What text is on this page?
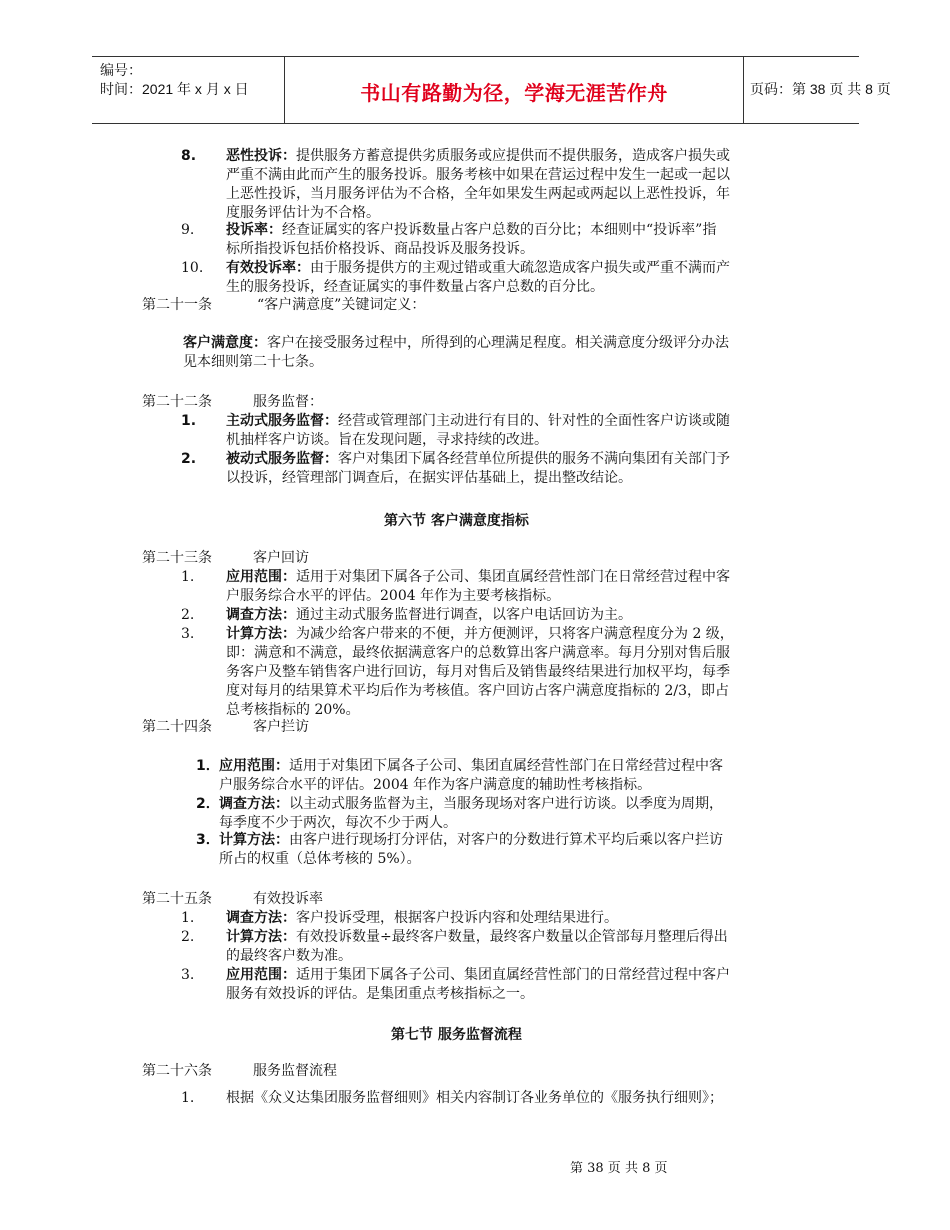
编号：
时间：2021 年 x 月 x 日	书山有路勤为径，学海无涯苦作舟	页码：第 38 页 共 8 页
8. 恶性投诉：提供服务方蓄意提供劣质服务或应提供而不提供服务，造成客户损失或
严重不满由此而产生的服务投诉。服务考核中如果在营运过程中发生一起或一起以
上恶性投诉，当月服务评估为不合格，全年如果发生两起或两起以上恶性投诉，年
度服务评估计为不合格。
9. 投诉率：经查证属实的客户投诉数量占客户总数的百分比；本细则中“投诉率”指
标所指投诉包括价格投诉、商品投诉及服务投诉。
10. 有效投诉率：由于服务提供方的主观过错或重大疏忽造成客户损失或严重不满而产
生的服务投诉，经查证属实的事件数量占客户总数的百分比。
第二十一条	“客户满意度”关键词定义：
客户满意度：客户在接受服务过程中，所得到的心理满足程度。相关满意度分级评分办法
见本细则第二十七条。
第二十二条	服务监督：
1. 主动式服务监督：经营或管理部门主动进行有目的、针对性的全面性客户访谈或随
机抽样客户访谈。旨在发现问题，寻求持续的改进。
2. 被动式服务监督：客户对集团下属各经营单位所提供的服务不满向集团有关部门予
以投诉，经管理部门调查后，在据实评估基础上，提出整改结论。
第六节 客户满意度指标
第二十三条	客户回访
1. 应用范围：适用于对集团下属各子公司、集团直属经营性部门在日常经营过程中客
户服务综合水平的评估。2004 年作为主要考核指标。
2. 调查方法：通过主动式服务监督进行调查，以客户电话回访为主。
3. 计算方法：为减少给客户带来的不便，并方便测评，只将客户满意程度分为 2 级，
即：满意和不满意，最终依据满意客户的总数算出客户满意率。每月分别对售后服
务客户及整车销售客户进行回访，每月对售后及销售最终结果进行加权平均，每季
度对每月的结果算术平均后作为考核值。客户回访占客户满意度指标的 2/3，即占
总考核指标的 20%。
第二十四条	客户拦访
1． 应用范围：适用于对集团下属各子公司、集团直属经营性部门在日常经营过程中客
户服务综合水平的评估。2004 年作为客户满意度的辅助性考核指标。
2． 调查方法：以主动式服务监督为主，当服务现场对客户进行访谈。以季度为周期，
每季度不少于两次，每次不少于两人。
3． 计算方法：由客户进行现场打分评估，对客户的分数进行算术平均后乘以客户拦访
所占的权重（总体考核的 5%）。
第二十五条	有效投诉率
1. 调查方法：客户投诉受理，根据客户投诉内容和处理结果进行。
2. 计算方法：有效投诉数量÷最终客户数量，最终客户数量以企管部每月整理后得出
的最终客户数为准。
3. 应用范围：适用于集团下属各子公司、集团直属经营性部门的日常经营过程中客户
服务有效投诉的评估。是集团重点考核指标之一。
第七节 服务监督流程
第二十六条	服务监督流程
1. 根据《众义达集团服务监督细则》相关内容制订各业务单位的《服务执行细则》；
第 38 页 共 8 页
